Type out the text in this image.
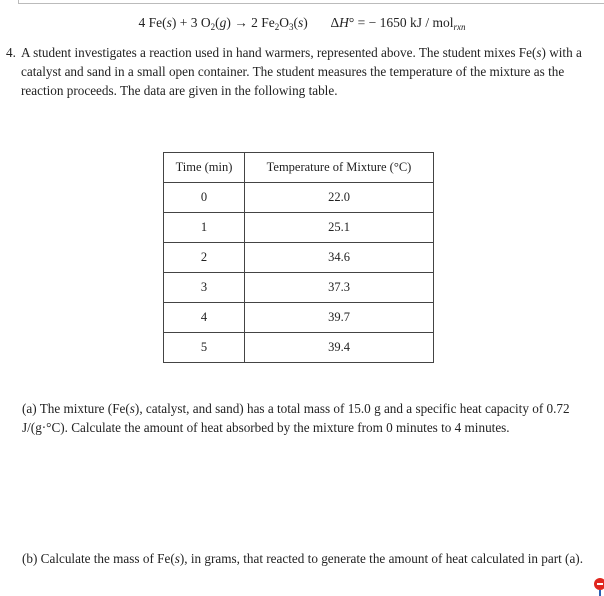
4 Fe(s) + 3 $O_2(g) \to 2$ $Fe_2O_3(s) \Delta H^\circ$ = − 1650 kJ / mol$_{rxn}$
4. A student investigates a reaction used in hand warmers, represented above. The student mixes Fe(s) with a catalyst and sand in a small open container. The student measures the temperature of the mixture as the reaction proceeds. The data are given in the following table.
Time (min)	Temperature of Mixture (°C)
0	22.0
1	25.1
2	34.6
3	37.3
4	39.7
5	39.4
(a) The mixture (Fe(s), catalyst, and sand) has a total mass of 15.0 g and a specific heat capacity of 0.72 J/(g·°C). Calculate the amount of heat absorbed by the mixture from 0 minutes to 4 minutes.
(b) Calculate the mass of Fe(s), in grams, that reacted to generate the amount of heat calculated in part (a).
